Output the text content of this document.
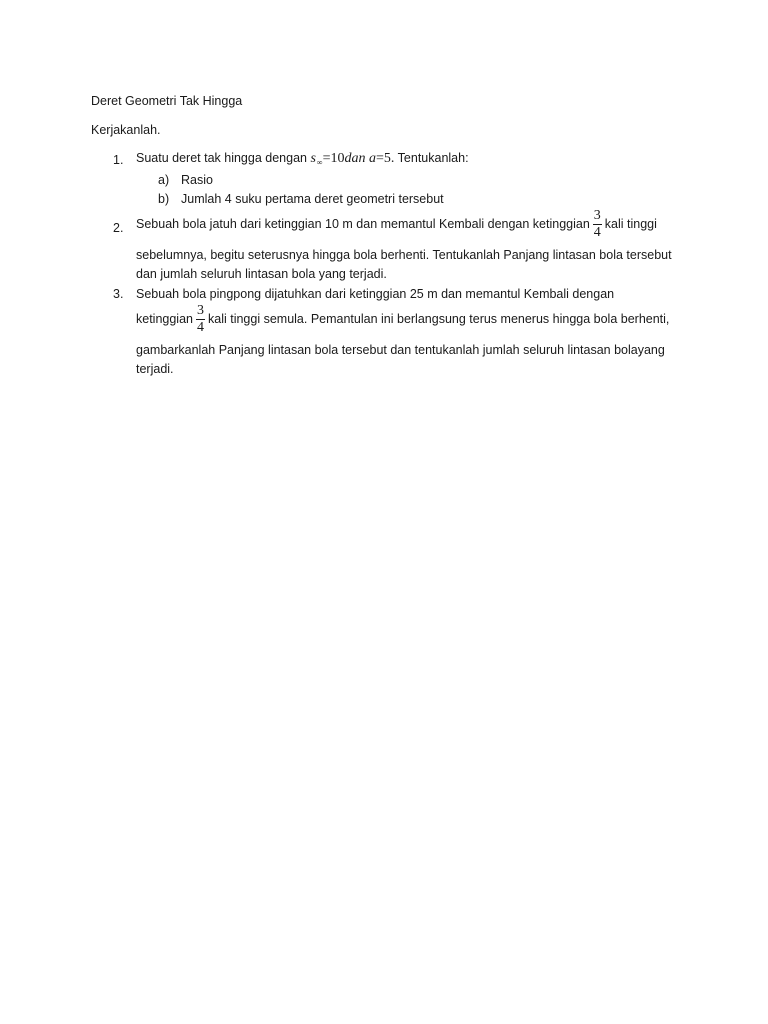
Deret Geometri Tak Hingga
Kerjakanlah.
1. Suatu deret tak hingga dengan $s_\infty=10dan$ a=5. Tentukanlah:
a) Rasio
b) Jumlah 4 suku pertama deret geometri tersebut
2. Sebuah bola jatuh dari ketinggian 10 m dan memantul Kembali dengan ketinggian $\frac{3}{4}$ kali tinggi
sebelumnya, begitu seterusnya hingga bola berhenti. Tentukanlah Panjang lintasan bola tersebut
dan jumlah seluruh lintasan bola yang terjadi.
3. Sebuah bola pingpong dijatuhkan dari ketinggian 25 m dan memantul Kembali dengan
ketinggian $\frac{3}{4}$ kali tinggi semula. Pemantulan ini berlangsung terus menerus hingga bola berhenti,
gambarkanlah Panjang lintasan bola tersebut dan tentukanlah jumlah seluruh lintasan bolayang
terjadi.
